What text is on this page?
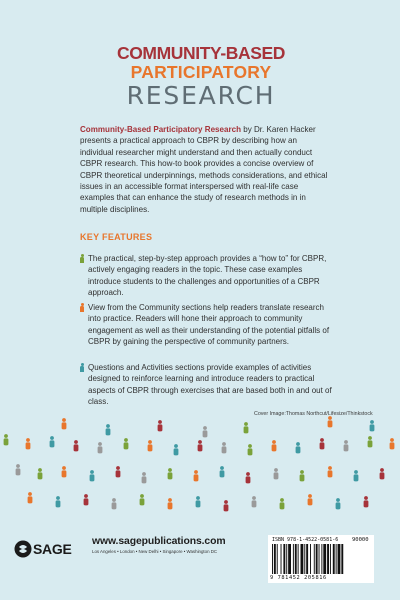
COMMUNITY-BASED
PARTICIPATORY
RESEARCH
Community-Based Participatory Research by Dr. Karen Hacker presents a practical approach to CBPR by describing how an individual researcher might understand and then actually conduct CBPR research. This how-to book provides a concise overview of CBPR theoretical underpinnings, methods considerations, and ethical issues in an accessible format interspersed with real-life case examples that can enhance the study of research methods in in multiple disciplines.
KEY FEATURES
The practical, step-by-step approach provides a “how to” for CBPR, actively engaging readers in the topic. These case examples introduce students to the challenges and opportunities of a CBPR approach.
View from the Community sections help readers translate research into practice. Readers will hone their approach to community engagement as well as their understanding of the potential pitfalls of CBPR by gaining the perspective of community partners.
Questions and Activities sections provide examples of activities designed to reinforce learning and introduce readers to practical aspects of CBPR through exercises that are based both in and out of class.
Cover Image:Thomas Northcut/Lifesize/Thinkstock
SAGE www.sagepublications.com
Los Angeles • London • New Delhi • Singapore • Washington DC
ISBN 978-1-4522-0581-6	90000
9 781452 205816
